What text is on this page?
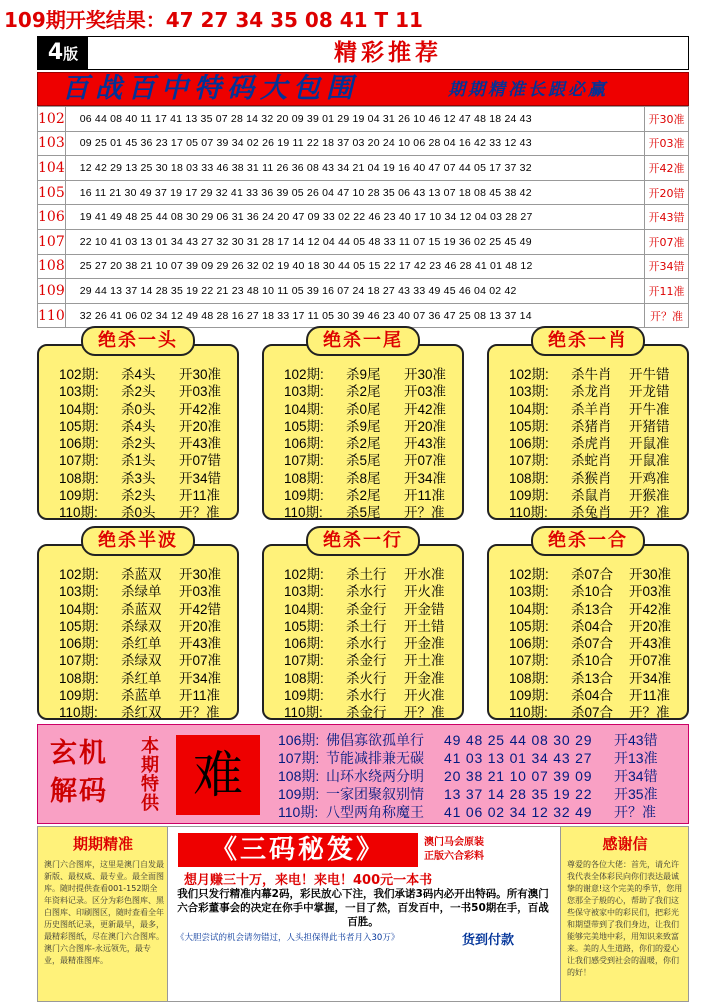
109期开奖结果：47 27 34 35 08 41 T 11
4版	精彩推荐
百战百中特码大包围	期期精准长跟必赢
102	06 44 08 40 11 17 41 13 35 07 28 14 32 20 09 39 01 29 19 04 31 26 10 46 12 47 48 18 24 43	开30准
103	09 25 01 45 36 23 17 05 07 39 34 02 26 19 11 22 18 37 03 20 24 10 06 28 04 16 42 33 12 43	开03准
104	12 42 29 13 25 30 18 03 33 46 38 31 11 26 36 08 43 34 21 04 19 16 40 47 07 44 05 17 37 32	开42准
105	16 11 21 30 49 37 19 17 29 32 41 33 36 39 05 26 04 47 10 28 35 06 43 13 07 18 08 45 38 42	开20错
106	19 41 49 48 25 44 08 30 29 06 31 36 24 20 47 09 33 02 22 46 23 40 17 10 34 12 04 03 28 27	开43错
107	22 10 41 03 13 01 34 43 27 32 30 31 28 17 14 12 04 44 05 48 33 11 07 15 19 36 02 25 45 49	开07准
108	25 27 20 38 21 10 07 39 09 29 26 32 02 19 40 18 30 44 05 15 22 17 42 23 46 28 41 01 48 12	开34错
109	29 44 13 37 14 28 35 19 22 21 23 48 10 11 05 39 16 07 24 18 27 43 33 49 45 46 04 02 42	开11准
110	32 26 41 06 02 34 12 49 48 28 16 27 18 33 17 11 05 30 39 46 23 40 07 36 47 25 08 13 37 14	开？准
102期: 杀4头 开30准
103期: 杀2头 开03准
104期: 杀0头 开42准
105期: 杀4头 开20准
106期: 杀2头 开43准
107期: 杀1头 开07错
108期: 杀3头 开34错
109期: 杀2头 开11准
110期: 杀0头 开？准
绝杀一头
102期: 杀9尾 开30准
103期: 杀2尾 开03准
104期: 杀0尾 开42准
105期: 杀9尾 开20准
106期: 杀2尾 开43准
107期: 杀5尾 开07准
108期: 杀8尾 开34准
109期: 杀2尾 开11准
110期: 杀5尾 开？准
绝杀一尾
102期: 杀牛肖 开牛错
103期: 杀龙肖 开龙错
104期: 杀羊肖 开牛准
105期: 杀猪肖 开猪错
106期: 杀虎肖 开鼠准
107期: 杀蛇肖 开鼠准
108期: 杀猴肖 开鸡准
109期: 杀鼠肖 开猴准
110期: 杀兔肖 开？准
绝杀一肖
102期: 杀蓝双 开30准
103期: 杀绿单 开03准
104期: 杀蓝双 开42错
105期: 杀绿双 开20准
106期: 杀红单 开43准
107期: 杀绿双 开07准
108期: 杀红单 开34准
109期: 杀蓝单 开11准
110期: 杀红双 开？准
绝杀半波
102期: 杀土行 开水准
103期: 杀水行 开火准
104期: 杀金行 开金错
105期: 杀土行 开土错
106期: 杀水行 开金准
107期: 杀金行 开土准
108期: 杀火行 开金准
109期: 杀水行 开火准
110期: 杀金行 开？准
绝杀一行
102期: 杀07合 开30准
103期: 杀10合 开03准
104期: 杀13合 开42准
105期: 杀04合 开20准
106期: 杀07合 开43准
107期: 杀10合 开07准
108期: 杀13合 开34准
109期: 杀04合 开11准
110期: 杀07合 开？准
绝杀一合
玄机解码
本期特供 难
106期: 佛倡寡欲孤单行 49 48 25 44 08 30 29 开43错
107期: 节能减排兼无碳 41 03 13 01 34 43 27 开13准
108期: 山环水绕两分明 20 38 21 10 07 39 09 开34错
109期: 一家团聚叙别情 13 37 14 28 35 19 22 开35准
110期: 八型两角称魔王 41 06 02 34 12 32 49 开？准
期期精准
澳门六合图库，这里是澳门自发最新版、最权威、最专业。最全面图库。随时提供查看001-152期全年资料记录。区分为彩色图库、黑白图库、印刷图区，随时查看全年历史图纸记录，更新最早，最多，最精彩图纸，尽在澳门六合图库。澳门六合图库-永远领先，最专业，最精准图库。
《三码秘笈》	澳门马会原装
正版六合彩料
想月赚三十万，来电！来电！400元一本书
我们只发行精准内幕2码，彩民放心下注，我们承诺3码内必开出特码。所有澳门六合彩董事会的决定在你手中掌握，一目了然，百发百中，一书50期在手，百战百胜。
《大胆尝试的机会请勿错过，人头担保得此书者月入30万》	货到付款
感谢信
尊爱的各位大佬：首先，请允许我代表全体彩民向你们表达最诚挚的谢意!这个完美的季节，您用您那全子般的心，帮助了我们这些保守被家中的彩民们，把彩光和期望带到了我们身边，让我们能够完美地中彩，用知识来致富来。美的人生道路，你们的爱心让我们感受到社会的温暖，你们的好！
